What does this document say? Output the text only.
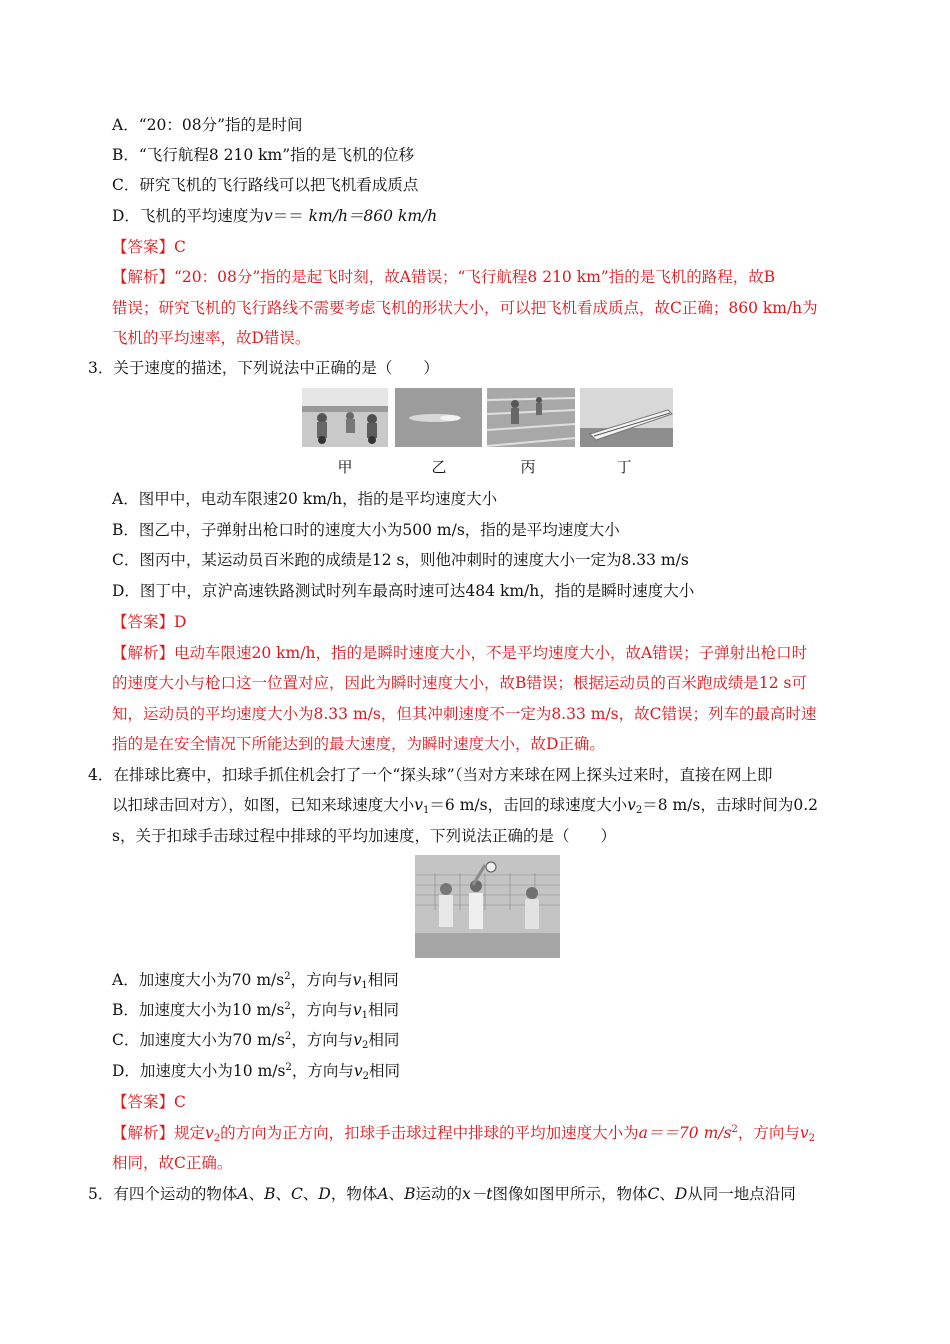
A．“20：08分”指的是时间
B．“飞行航程8 210 km”指的是飞机的位移
C．研究飞机的飞行路线可以把飞机看成质点
D．飞机的平均速度为v＝＝ km/h＝860 km/h
【答案】C
【解析】“20：08分”指的是起飞时刻，故A错误；“飞行航程8 210 km”指的是飞机的路程，故B
错误；研究飞机的飞行路线不需要考虑飞机的形状大小，可以把飞机看成质点，故C正确；860 km/h为
飞机的平均速率，故D错误。
3．关于速度的描述，下列说法中正确的是（　　）
甲	乙	丙	丁
A．图甲中，电动车限速20 km/h，指的是平均速度大小
B．图乙中，子弹射出枪口时的速度大小为500 m/s，指的是平均速度大小
C．图丙中，某运动员百米跑的成绩是12 s，则他冲刺时的速度大小一定为8.33 m/s
D．图丁中，京沪高速铁路测试时列车最高时速可达484 km/h，指的是瞬时速度大小
【答案】D
【解析】电动车限速20 km/h，指的是瞬时速度大小，不是平均速度大小，故A错误；子弹射出枪口时
的速度大小与枪口这一位置对应，因此为瞬时速度大小，故B错误；根据运动员的百米跑成绩是12 s可
知，运动员的平均速度大小为8.33 m/s，但其冲刺速度不一定为8.33 m/s，故C错误；列车的最高时速
指的是在安全情况下所能达到的最大速度，为瞬时速度大小，故D正确。
4．在排球比赛中，扣球手抓住机会打了一个“探头球”（当对方来球在网上探头过来时，直接在网上即
以扣球击回对方），如图，已知来球速度大小$v_1=6$ m/s，击回的球速度大小$v_2=8$ m/s，击球时间为0.2
s，关于扣球手击球过程中排球的平均加速度，下列说法正确的是（　　）
A．加速度大小为70 $m/s^2$，方向与$v_1$相同
B．加速度大小为10 $m/s^2$，方向与$v_1$相同
C．加速度大小为70 $m/s^2$，方向与$v_2$相同
D．加速度大小为10 $m/s^2$，方向与$v_2$相同
【答案】C
【解析】规定$v_2$的方向为正方向，扣球手击球过程中排球的平均加速度大小为a＝＝70 $m/s^2$，方向与$v_2$
相同，故C正确。
5．有四个运动的物体A、B、C、D，物体A、B运动的x－t图像如图甲所示，物体C、D从同一地点沿同
